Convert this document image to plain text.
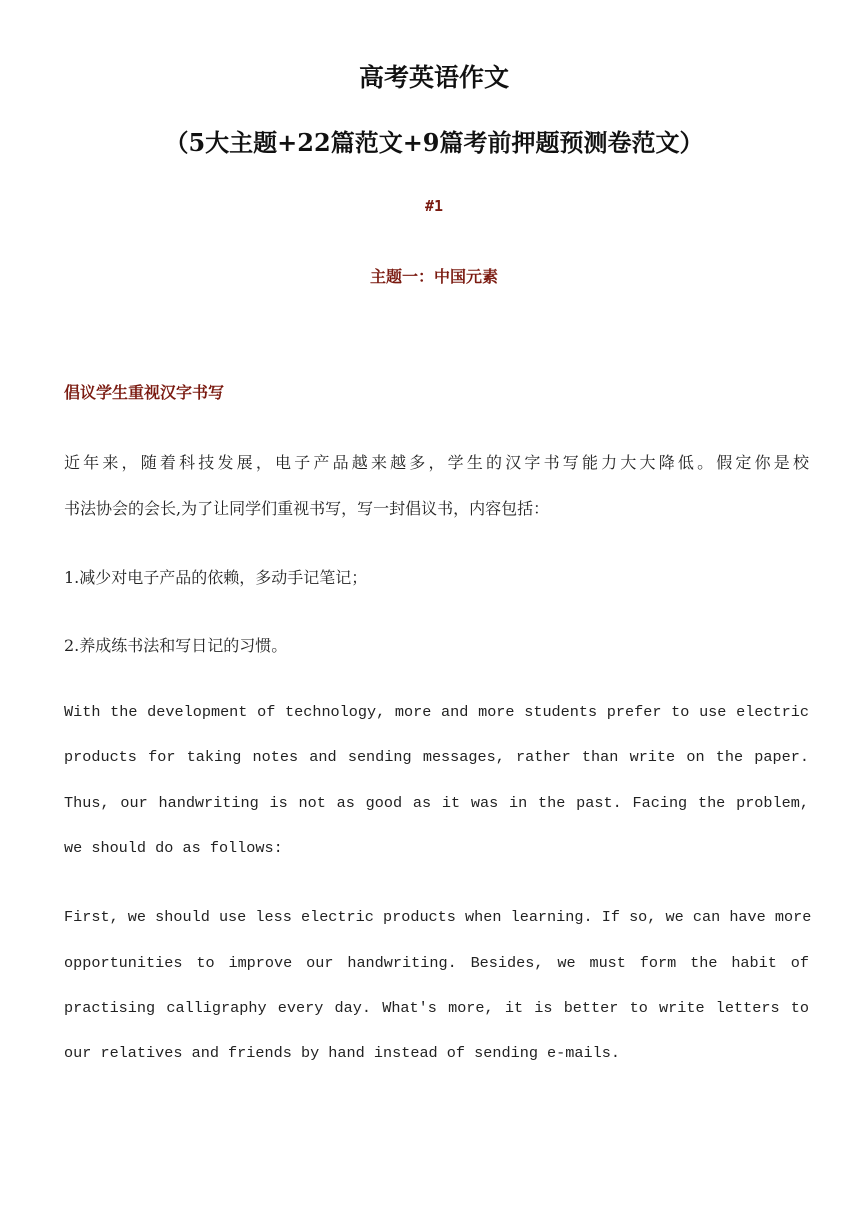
高考英语作文
（5大主题+22篇范文+9篇考前押题预测卷范文）
#1
主题一：中国元素
倡议学生重视汉字书写
近年来，随着科技发展，电子产品越来越多，学生的汉字书写能力大大降低。假定你是校
书法协会的会长,为了让同学们重视书写，写一封倡议书，内容包括：
1.减少对电子产品的依赖，多动手记笔记；
2.养成练书法和写日记的习惯。
With the development of technology, more and more students prefer to use electric
products for taking notes and sending messages, rather than write on the paper.
Thus, our handwriting is not as good as it was in the past. Facing the problem,
we should do as follows:
First, we should use less electric products when learning. If so, we can have more
opportunities to improve our handwriting. Besides, we must form the habit of
practising calligraphy every day. What's more, it is better to write letters to
our relatives and friends by hand instead of sending e-mails.
